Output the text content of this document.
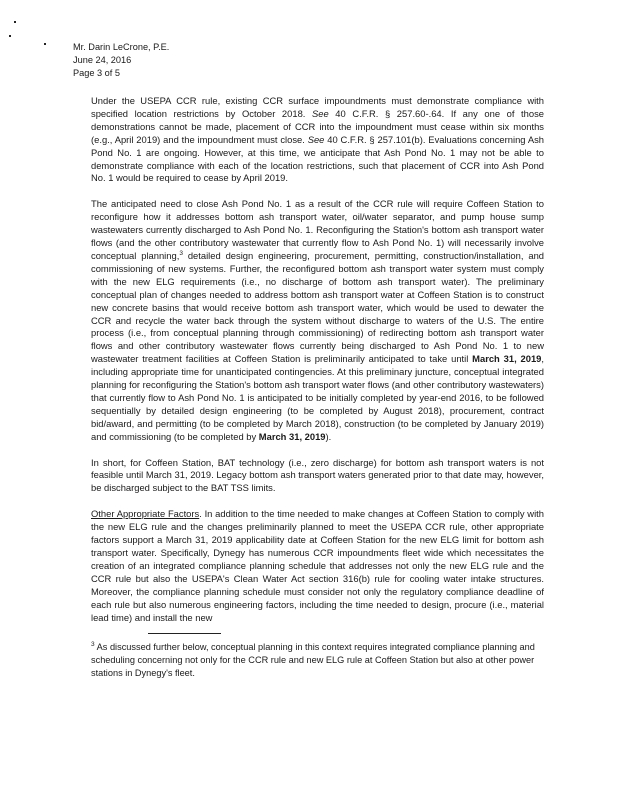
Mr. Darin LeCrone, P.E.
June 24, 2016
Page 3 of 5

Under the USEPA CCR rule, existing CCR surface impoundments must demonstrate compliance with specified location restrictions by October 2018. See 40 C.F.R. § 257.60-.64. If any one of those demonstrations cannot be made, placement of CCR into the impoundment must cease within six months (e.g., April 2019) and the impoundment must close. See 40 C.F.R. § 257.101(b). Evaluations concerning Ash Pond No. 1 are ongoing. However, at this time, we anticipate that Ash Pond No. 1 may not be able to demonstrate compliance with each of the location restrictions, such that placement of CCR into Ash Pond No. 1 would be required to cease by April 2019.

The anticipated need to close Ash Pond No. 1 as a result of the CCR rule will require Coffeen Station to reconfigure how it addresses bottom ash transport water, oil/water separator, and pump house sump wastewaters currently discharged to Ash Pond No. 1. Reconfiguring the Station's bottom ash transport water flows (and the other contributory wastewater that currently flow to Ash Pond No. 1) will necessarily involve conceptual planning,$^3$ detailed design engineering, procurement, permitting, construction/installation, and commissioning of new systems. Further, the reconfigured bottom ash transport water system must comply with the new ELG requirements (i.e., no discharge of bottom ash transport water). The preliminary conceptual plan of changes needed to address bottom ash transport water at Coffeen Station is to construct new concrete basins that would receive bottom ash transport water, which would be used to dewater the CCR and recycle the water back through the system without discharge to waters of the U.S. The entire process (i.e., from conceptual planning through commissioning) of redirecting bottom ash transport water flows and other contributory wastewater flows currently being discharged to Ash Pond No. 1 to new wastewater treatment facilities at Coffeen Station is preliminarily anticipated to take until March 31, 2019, including appropriate time for unanticipated contingencies. At this preliminary juncture, conceptual integrated planning for reconfiguring the Station's bottom ash transport water flows (and other contributory wastewaters) that currently flow to Ash Pond No. 1 is anticipated to be initially completed by year-end 2016, to be followed sequentially by detailed design engineering (to be completed by August 2018), procurement, contract bid/award, and permitting (to be completed by March 2018), construction (to be completed by January 2019) and commissioning (to be completed by March 31, 2019).

In short, for Coffeen Station, BAT technology (i.e., zero discharge) for bottom ash transport waters is not feasible until March 31, 2019. Legacy bottom ash transport waters generated prior to that date may, however, be discharged subject to the BAT TSS limits.

Other Appropriate Factors. In addition to the time needed to make changes at Coffeen Station to comply with the new ELG rule and the changes preliminarily planned to meet the USEPA CCR rule, other appropriate factors support a March 31, 2019 applicability date at Coffeen Station for the new ELG limit for bottom ash transport water. Specifically, Dynegy has numerous CCR impoundments fleet wide which necessitates the creation of an integrated compliance planning schedule that addresses not only the new ELG rule and the CCR rule but also the USEPA's Clean Water Act section 316(b) rule for cooling water intake structures. Moreover, the compliance planning schedule must consider not only the regulatory compliance deadline of each rule but also numerous engineering factors, including the time needed to design, procure (i.e., material lead time) and install the new

$^3$ As discussed further below, conceptual planning in this context requires integrated compliance planning and scheduling concerning not only for the CCR rule and new ELG rule at Coffeen Station but also at other power stations in Dynegy's fleet.
